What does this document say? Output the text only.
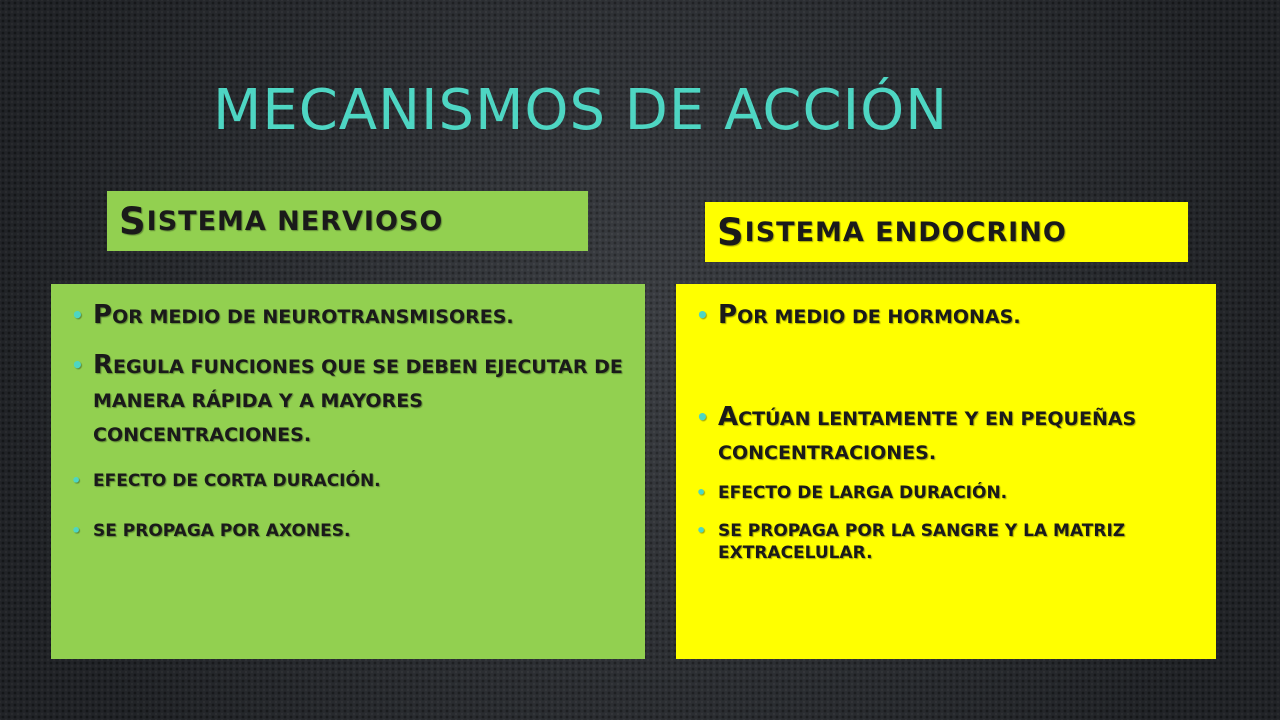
MECANISMOS DE ACCIÓN
S ISTEMA NERVIOSO	S ISTEMA ENDOCRINO
• POR MEDIO DE NEUROTRANSMISORES.
• REGULA FUNCIONES QUE SE DEBEN EJECUTAR DE MANERA RÁPIDA Y A MAYORES CONCENTRACIONES.
• EFECTO DE CORTA DURACIÓN.
• SE PROPAGA POR AXONES.
• POR MEDIO DE HORMONAS.
• ACTÚAN LENTAMENTE Y EN PEQUEÑAS CONCENTRACIONES.
• EFECTO DE LARGA DURACIÓN.
• SE PROPAGA POR LA SANGRE Y LA MATRIZ EXTRACELULAR.
